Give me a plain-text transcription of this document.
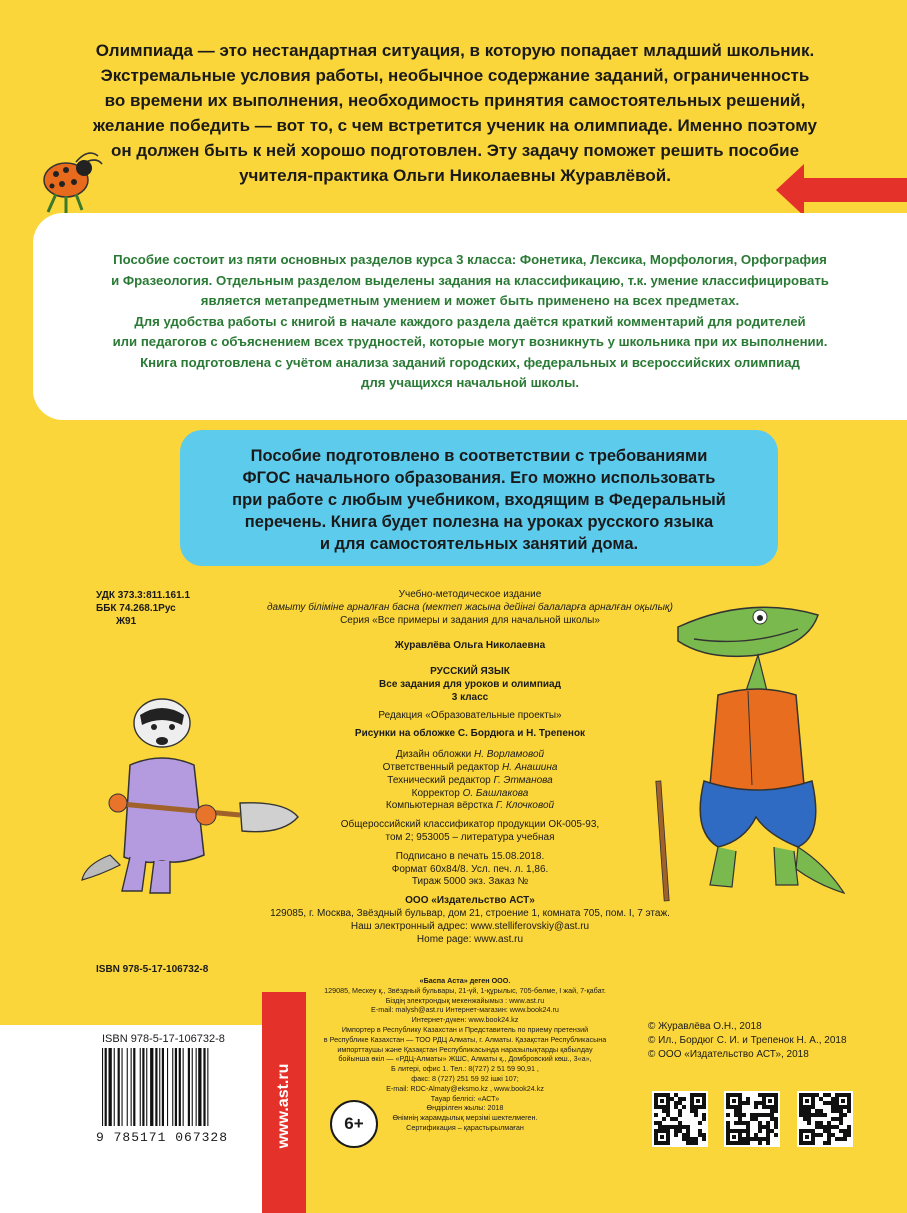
Олимпиада — это нестандартная ситуация, в которую попадает младший школьник.

Экстремальные условия работы, необычное содержание заданий, ограниченность

во времени их выполнения, необходимость принятия самостоятельных решений,

желание победить — вот то, с чем встретится ученик на олимпиаде. Именно поэтому

он должен быть к ней хорошо подготовлен. Эту задачу поможет решить пособие

учителя-практика Ольги Николаевны Журавлёвой.

Пособие состоит из пяти основных разделов курса 3 класса: Фонетика, Лексика, Морфология, Орфография

и Фразеология. Отдельным разделом выделены задания на классификацию, т.к. умение классифицировать

является метапредметным умением и может быть применено на всех предметах.

Для удобства работы с книгой в начале каждого раздела даётся краткий комментарий для родителей

или педагогов с объяснением всех трудностей, которые могут возникнуть у школьника при их выполнении.

Книга подготовлена с учётом анализа заданий городских, федеральных и всероссийских олимпиад

для учащихся начальной школы.

Пособие подготовлено в соответствии с требованиями

ФГОС начального образования. Его можно использовать

при работе с любым учебником, входящим в Федеральный

перечень. Книга будет полезна на уроках русского языка

и для самостоятельных занятий дома.

УДК 373.3:811.161.1
ББК 74.268.1Рус
Ж91
ISBN 978-5-17-106732-8

Учебно-методическое издание

дамыту білiмiне арналған басна (мектеп жасына дейiнгi балаларға арналған оқылық)

Серия «Все примеры и задания для начальной школы»

Журавлёва Ольга Николаевна

РУССКИЙ ЯЗЫК

Все задания для уроков и олимпиад

3 класс

Редакция «Образовательные проекты»

Рисунки на обложке С. Бордюга и Н. Трепенок

Дизайн обложки Н. Ворламовой

Ответственный редактор Н. Анашина

Технический редактор Г. Этманова

Корректор О. Башлакова

Компьютерная вёрстка Г. Клочковой

Общероссийский классификатор продукции ОК-005-93,

том 2; 953005 – литература учебная

Подписано в печать 15.08.2018.

Формат 60x84/8. Усл. печ. л. 1,86.

Тираж 5000 экз. Заказ №

ООО «Издательство АСТ»

129085, г. Москва, Звёздный бульвар, дом 21, строение 1, комната 705, пом. I, 7 этаж.

Наш электронный адрес: www.stelliferovskiy@ast.ru

Home page: www.ast.ru

«Баспа Аста» деген ООО.

129085, Мескеу қ., Звёздный бульвары, 21-үй, 1-құрылыс, 705-бөлме, I жай, 7-қабат.

Біздің электрондық мекенжайымыз : www.ast.ru

E-mail: malysh@ast.ru Интернет-магазин: www.book24.ru

Интернет-дүкен: www.book24.kz

Импортер в Республику Казахстан и Представитель по приему претензий

в Республике Казахстан — ТОО РДЦ Алматы, г. Алматы. Қазақстан Республикасына

импорттаушы және Қазақстан Республикасында наразылықтарды қабылдау

бойынша өкіл — «РДЦ-Алматы» ЖШС, Алматы қ., Домбровский көш., 3«а»,

Б литері, офис 1. Тел.: 8(727) 2 51 59 90,91 ,

факс: 8 (727) 251 59 92 ішкі 107;

E-mail: RDC-Almaty@eksmo.kz , www.book24.kz

Тауар белгісі: «АСТ»

Өндірілген жылы: 2018

Өнімнің жарамдылық мерзімі шектелмеген.

Сертификация – қарастырылмаған

ISBN 978-5-17-106732-8
9 785171 067328	www.ast.ru	6+

© Журавлёва О.Н., 2018

© Ил., Бордюг С. И. и Трепенок Н. А., 2018

© ООО «Издательство АСТ», 2018
